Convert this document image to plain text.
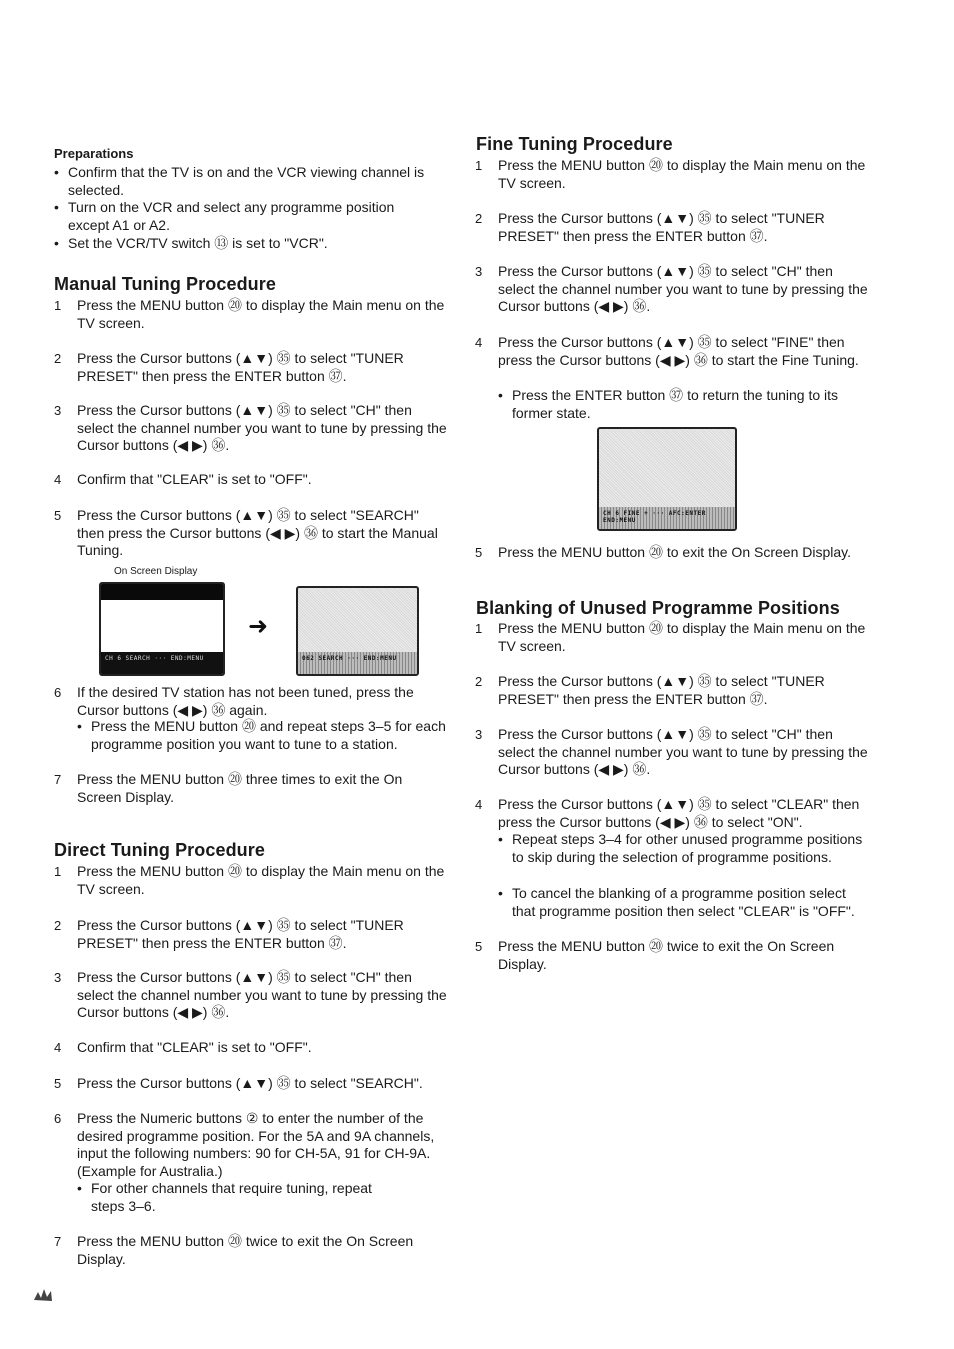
Preparations
• Confirm that the TV is on and the VCR viewing channel is selected.
• Turn on the VCR and select any programme position except A1 or A2.
• Set the VCR/TV switch ⑬ is set to "VCR".
Manual Tuning Procedure
1	Press the MENU button ⑳ to display the Main menu on the TV screen.
2	Press the Cursor buttons (▲▼) ㉟ to select "TUNER PRESET" then press the ENTER button ㊲.
3	Press the Cursor buttons (▲▼) ㉟ to select "CH" then select the channel number you want to tune by pressing the Cursor buttons (◀ ▶) ㊱.
4	Confirm that "CLEAR" is set to "OFF".
5	Press the Cursor buttons (▲▼) ㉟ to select "SEARCH" then press the Cursor buttons (◀ ▶) ㊱ to start the Manual Tuning.
On Screen Display
CH 6 SEARCH ··· END:MENU
➜
062 SEARCH ··· END:MENU
6	If the desired TV station has not been tuned, press the Cursor buttons (◀ ▶) ㊱ again.
• Press the MENU button ⑳ and repeat steps 3–5 for each programme position you want to tune to a station.
7	Press the MENU button ⑳ three times to exit the On Screen Display.
Direct Tuning Procedure
1	Press the MENU button ⑳ to display the Main menu on the TV screen.
2	Press the Cursor buttons (▲▼) ㉟ to select "TUNER PRESET" then press the ENTER button ㊲.
3	Press the Cursor buttons (▲▼) ㉟ to select "CH" then select the channel number you want to tune by pressing the Cursor buttons (◀ ▶) ㊱.
4	Confirm that "CLEAR" is set to "OFF".
5	Press the Cursor buttons (▲▼) ㉟ to select "SEARCH".
6	Press the Numeric buttons ② to enter the number of the desired programme position. For the 5A and 9A channels, input the following numbers: 90 for CH-5A, 91 for CH-9A. (Example for Australia.)
• For other channels that require tuning, repeat steps 3–6.
7	Press the MENU button ⑳ twice to exit the On Screen Display.
Fine Tuning Procedure
1	Press the MENU button ⑳ to display the Main menu on the TV screen.
2	Press the Cursor buttons (▲▼) ㉟ to select "TUNER PRESET" then press the ENTER button ㊲.
3	Press the Cursor buttons (▲▼) ㉟ to select "CH" then select the channel number you want to tune by pressing the Cursor buttons (◀ ▶) ㊱.
4	Press the Cursor buttons (▲▼) ㉟ to select "FINE" then press the Cursor buttons (◀ ▶) ㊱ to start the Fine Tuning.
• Press the ENTER button ㊲ to return the tuning to its former state.
CH 6 FINE + ··· AFC:ENTER END:MENU
5	Press the MENU button ⑳ to exit the On Screen Display.
Blanking of Unused Programme Positions
1	Press the MENU button ⑳ to display the Main menu on the TV screen.
2	Press the Cursor buttons (▲▼) ㉟ to select "TUNER PRESET" then press the ENTER button ㊲.
3	Press the Cursor buttons (▲▼) ㉟ to select "CH" then select the channel number you want to tune by pressing the Cursor buttons (◀ ▶) ㊱.
4	Press the Cursor buttons (▲▼) ㉟ to select "CLEAR" then press the Cursor buttons (◀ ▶) ㊱ to select "ON".
• Repeat steps 3–4 for other unused programme positions to skip during the selection of programme positions.
• To cancel the blanking of a programme position select that programme position then select "CLEAR" is "OFF".
5	Press the MENU button ⑳ twice to exit the On Screen Display.
